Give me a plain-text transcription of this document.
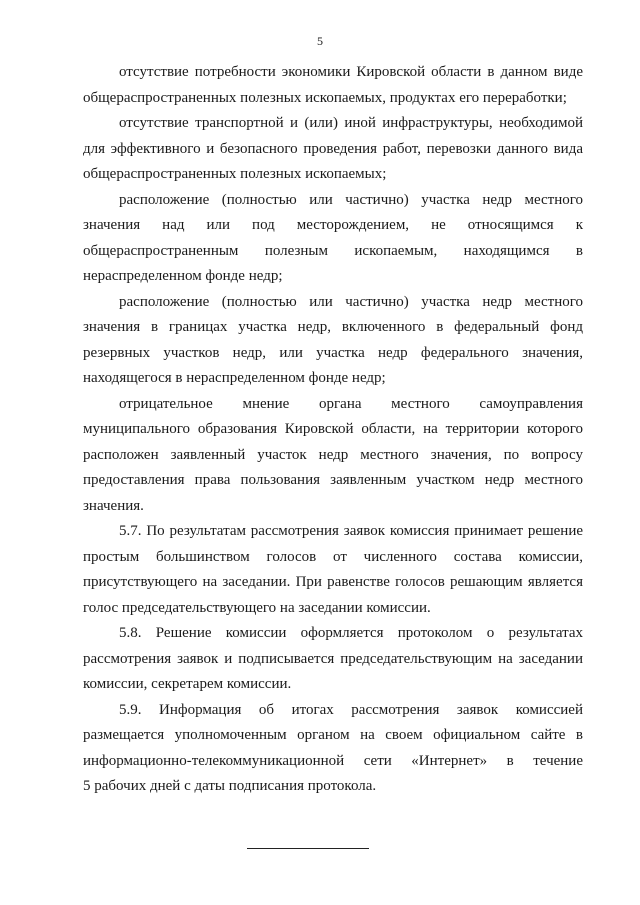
5
отсутствие потребности экономики Кировской области в данном виде
общераспространенных полезных ископаемых, продуктах его переработки;
отсутствие транспортной и (или) иной инфраструктуры, необходимой
для эффективного и безопасного проведения работ, перевозки данного вида
общераспространенных полезных ископаемых;
расположение (полностью или частично) участка недр местного
значения над или под месторождением, не относящимся к
общераспространенным полезным ископаемым, находящимся в
нераспределенном фонде недр;
расположение (полностью или частично) участка недр местного
значения в границах участка недр, включенного в федеральный фонд
резервных участков недр, или участка недр федерального значения,
находящегося в нераспределенном фонде недр;
отрицательное мнение органа местного самоуправления
муниципального образования Кировской области, на территории которого
расположен заявленный участок недр местного значения, по вопросу
предоставления права пользования заявленным участком недр местного
значения.
5.7. По результатам рассмотрения заявок комиссия принимает решение
простым большинством голосов от численного состава комиссии,
присутствующего на заседании. При равенстве голосов решающим является
голос председательствующего на заседании комиссии.
5.8. Решение комиссии оформляется протоколом о результатах
рассмотрения заявок и подписывается председательствующим на заседании
комиссии, секретарем комиссии.
5.9. Информация об итогах рассмотрения заявок комиссией
размещается уполномоченным органом на своем официальном сайте в
информационно-телекоммуникационной сети «Интернет» в течение
5 рабочих дней с даты подписания протокола.
